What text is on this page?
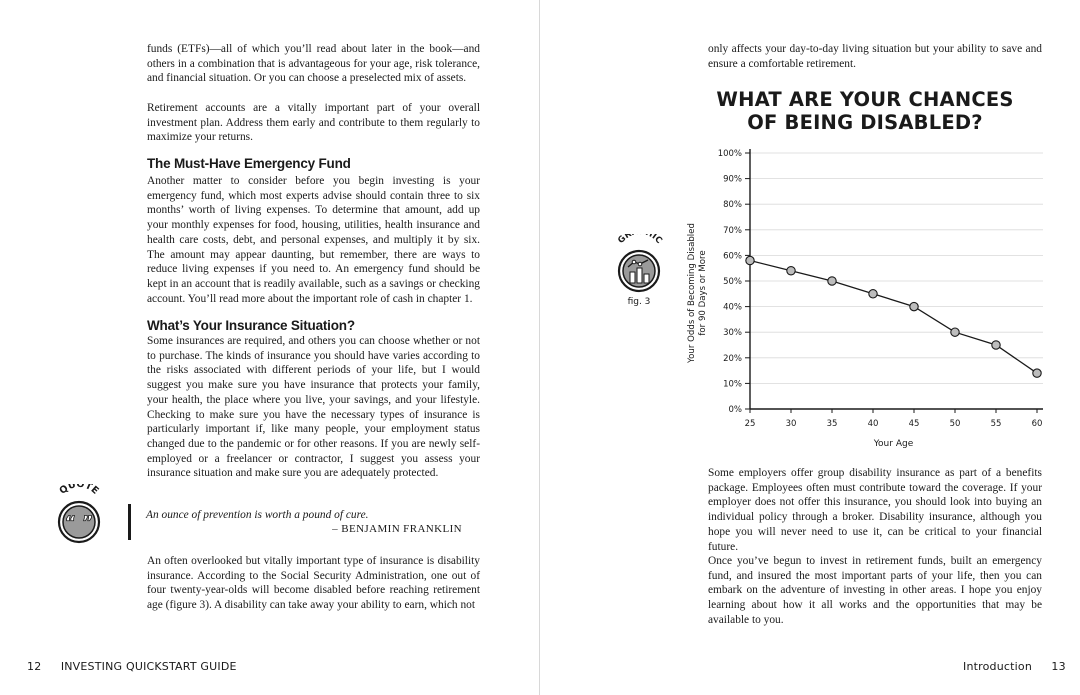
funds (ETFs)—all of which you’ll read about later in the book—and others in a combination that is advantageous for your age, risk tolerance, and financial situation. Or you can choose a preselected mix of assets.

Retirement accounts are a vitally important part of your overall investment plan. Address them early and contribute to them regularly to maximize your returns.

The Must-Have Emergency Fund

Another matter to consider before you begin investing is your emergency fund, which most experts advise should contain three to six months’ worth of living expenses. To determine that amount, add up your monthly expenses for food, housing, utilities, health insurance and health care costs, debt, and personal expenses, and multiply it by six. The amount may appear daunting, but remember, there are ways to reduce living expenses if you need to. An emergency fund should be kept in an account that is readily available, such as a savings or checking account. You’ll read more about the important role of cash in chapter 1.

What’s Your Insurance Situation?

Some insurances are required, and others you can choose whether or not to purchase. The kinds of insurance you should have varies according to the risks associated with different periods of your life, but I would suggest you make sure you have insurance that protects your family, your health, the place where you live, your savings, and your lifestyle. Checking to make sure you have the necessary types of insurance is particularly important if, like many people, your employment status changed due to the pandemic or for other reasons. If you are newly self-employed or a freelancer or contractor, I suggest you assess your insurance situation and make sure you are adequately protected.

QUOTE
“ ”	An ounce of prevention is worth a pound of cure.
– BENJAMIN FRANKLIN

An often overlooked but vitally important type of insurance is disability insurance. According to the Social Security Administration, one out of four twenty-year-olds will become disabled before reaching retirement age (figure 3). A disability can take away your ability to earn, which not

12 INVESTING QUICKSTART GUIDE

only affects your day-to-day living situation but your ability to save and ensure a comfortable retirement.

WHAT ARE YOUR CHANCES
OF BEING DISABLED?
GR IC
fig. 3
0%
10%
20%
30%
40%
50%
60%
70%
80%
90%
100%
25	30	35	40	45	50	55	60
Your Age
Your Odds of Becoming Disabled for 90 Days or More

Some employers offer group disability insurance as part of a benefits package. Employees often must contribute toward the coverage. If your employer does not offer this insurance, you should look into buying an individual policy through a broker. Disability insurance, although you hope you will never need to use it, can be critical to your financial future.

Once you’ve begun to invest in retirement funds, built an emergency fund, and insured the most important parts of your life, then you can embark on the adventure of investing in other areas. I hope you enjoy learning about how it all works and the opportunities that may be available to you.

Introduction 13
